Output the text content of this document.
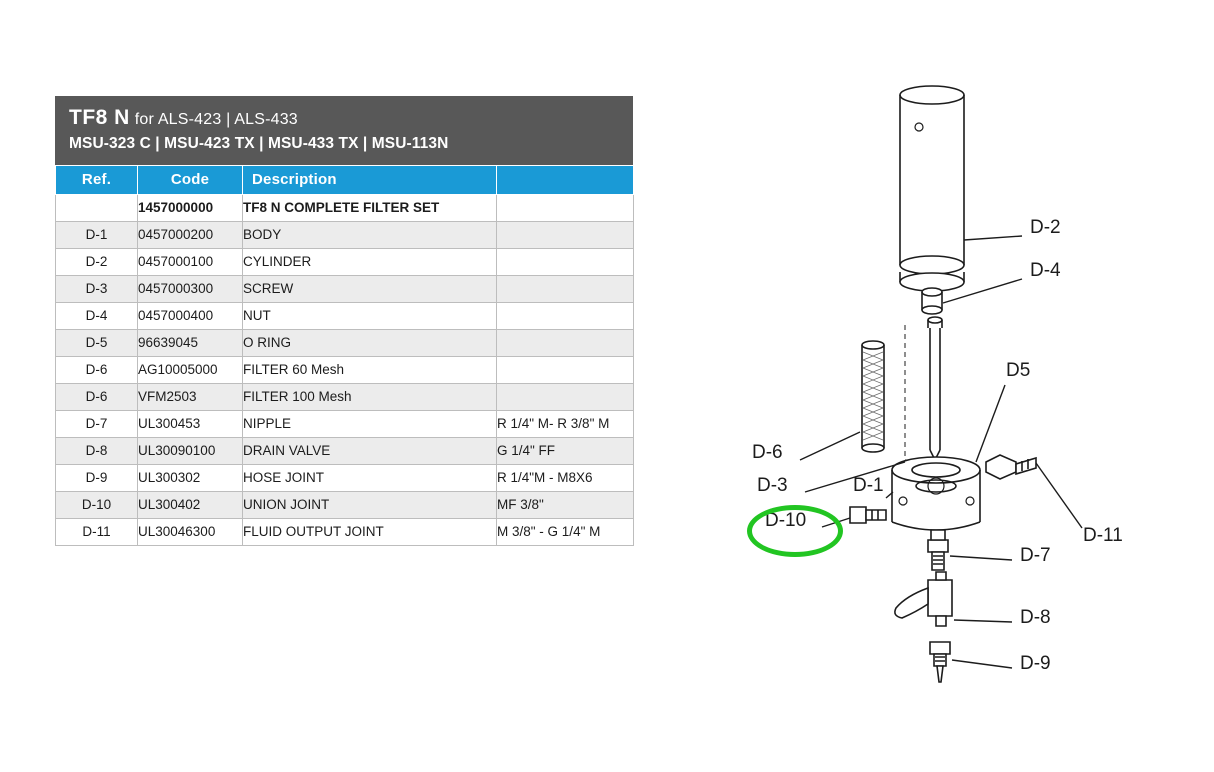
TF8 N for ALS-423 | ALS-433
MSU-323 C | MSU-423 TX | MSU-433 TX | MSU-113N
Ref.	Code	Description	
	1457000000	TF8 N COMPLETE FILTER SET	
D-1	0457000200	BODY	
D-2	0457000100	CYLINDER	
D-3	0457000300	SCREW	
D-4	0457000400	NUT	
D-5	96639045	O RING	
D-6	AG10005000	FILTER 60 Mesh	
D-6	VFM2503	FILTER 100 Mesh	
D-7	UL300453	NIPPLE	R 1/4" M- R 3/8" M
D-8	UL30090100	DRAIN VALVE	G 1/4" FF
D-9	UL300302	HOSE JOINT	R 1/4"M - M8X6
D-10	UL300402	UNION JOINT	MF 3/8"
D-11	UL30046300	FLUID OUTPUT JOINT	M 3/8" - G 1/4" M
D-2
D-4
D5
D-6
D-3	D-1
D-10
D-11
D-7
D-8
D-9
